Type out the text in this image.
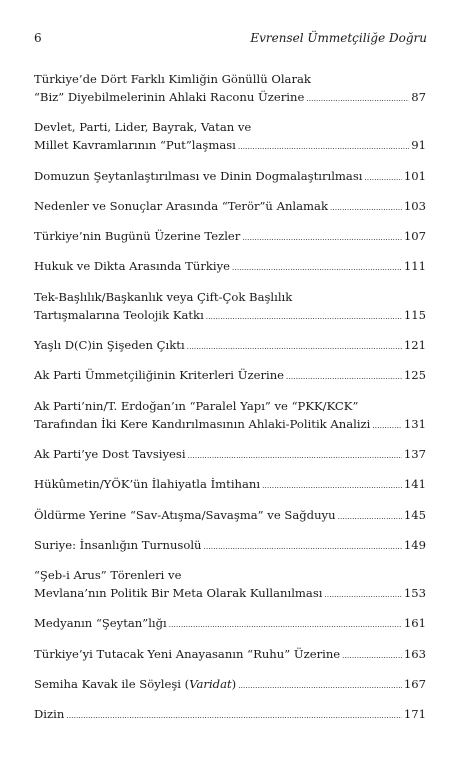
6	Evrensel Ümmetçiliğe Doğru
Türkiye’de Dört Farklı Kimliğin Gönüllü Olarak
“Biz” Diyebilmelerinin Ahlaki Raconu Üzerine .....	87
Devlet, Parti, Lider, Bayrak, Vatan ve
Millet Kavramlarının “Put”laşması .....	91
Domuzun Şeytanlaştırılması ve Dinin Dogmalaştırılması .....	101
Nedenler ve Sonuçlar Arasında “Terör”ü Anlamak .....	103
Türkiye’nin Bugünü Üzerine Tezler .....	107
Hukuk ve Dikta Arasında Türkiye .....	111
Tek-Başlılık/Başkanlık veya Çift-Çok Başlılık
Tartışmalarına Teolojik Katkı .....	115
Yaşlı D(C)in Şişeden Çıktı .....	121
Ak Parti Ümmetçiliğinin Kriterleri Üzerine .....	125
Ak Parti’nin/T. Erdoğan’ın “Paralel Yapı” ve “PKK/KCK”
Tarafından İki Kere Kandırılmasının Ahlaki-Politik Analizi .....	131
Ak Parti’ye Dost Tavsiyesi .....	137
Hükûmetin/YÖK’ün İlahiyatla İmtihanı .....	141
Öldürme Yerine “Sav-Atışma/Savaşma” ve Sağduyu .....	145
Suriye: İnsanlığın Turnusolü .....	149
“Şeb-i Arus” Törenleri ve
Mevlana’nın Politik Bir Meta Olarak Kullanılması .....	153
Medyanın “Şeytan”lığı .....	161
Türkiye’yi Tutacak Yeni Anayasanın “Ruhu” Üzerine .....	163
Semiha Kavak ile Söyleşi (Varidat) .....	167
Dizin .....	171
